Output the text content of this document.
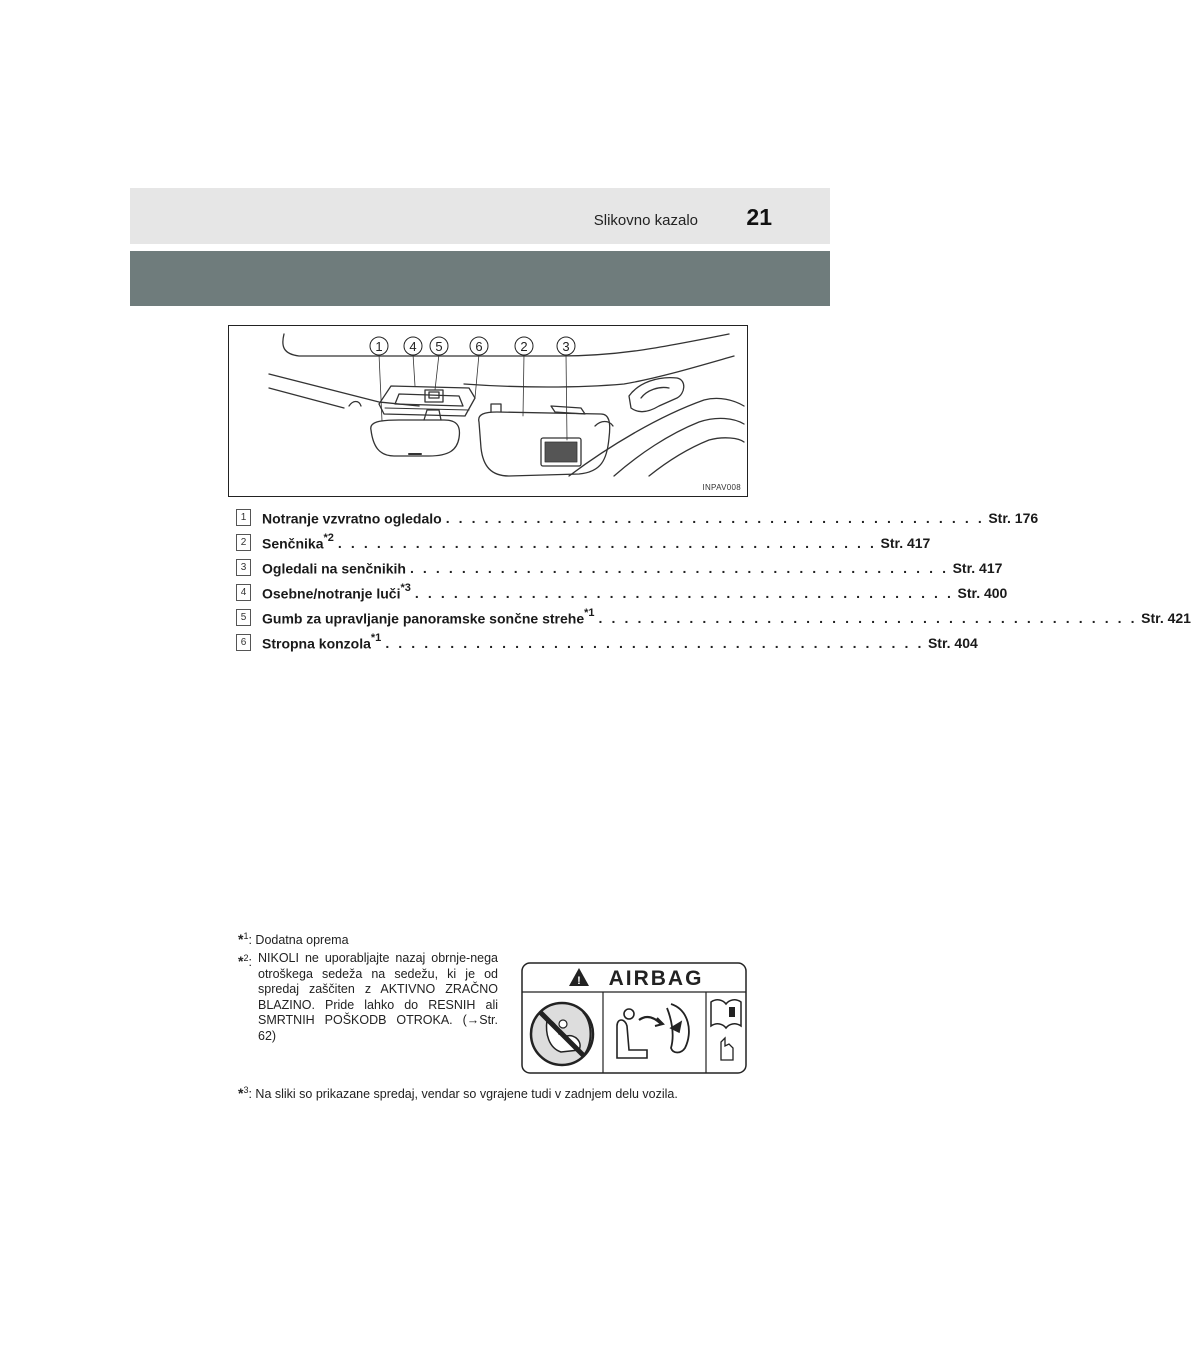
Slikovno kazalo 21
1 4 5	6	2	3
INPAV008
1	Notranje vzvratno ogledalo . . . . . . . . . . . . . . . . . . . . . . . . . . . . . . . . . . . . . . . . . . Str. 176
2	Senčnika$^{*2}$ . . . . . . . . . . . . . . . . . . . . . . . . . . . . . . . . . . . . . . . . . . Str. 417
3	Ogledali na senčnikih . . . . . . . . . . . . . . . . . . . . . . . . . . . . . . . . . . . . . . . . . . Str. 417
4	Osebne/notranje luči$^{*3}$ . . . . . . . . . . . . . . . . . . . . . . . . . . . . . . . . . . . . . . . . . . Str. 400
5	Gumb za upravljanje panoramske sončne strehe$^{*1}$ . . . . . . . . . . . . . . . . . . . . . . . . . . . . . . . . . . . . . . . . . . Str. 421
6	Stropna konzola$^{*1}$ . . . . . . . . . . . . . . . . . . . . . . . . . . . . . . . . . . . . . . . . . . Str. 404
*$^1$: Dodatna oprema
*$^2$: NIKOLI ne uporabljajte nazaj obrnje-nega otroškega sedeža na sedežu, ki je od spredaj zaščiten z AKTIVNO ZRAČNO BLAZINO. Pride lahko do RESNIH ali SMRTNIH POŠKODB OTROKA. (→Str. 62)
! AIRBAG
*$^3$: Na sliki so prikazane spredaj, vendar so vgrajene tudi v zadnjem delu vozila.
